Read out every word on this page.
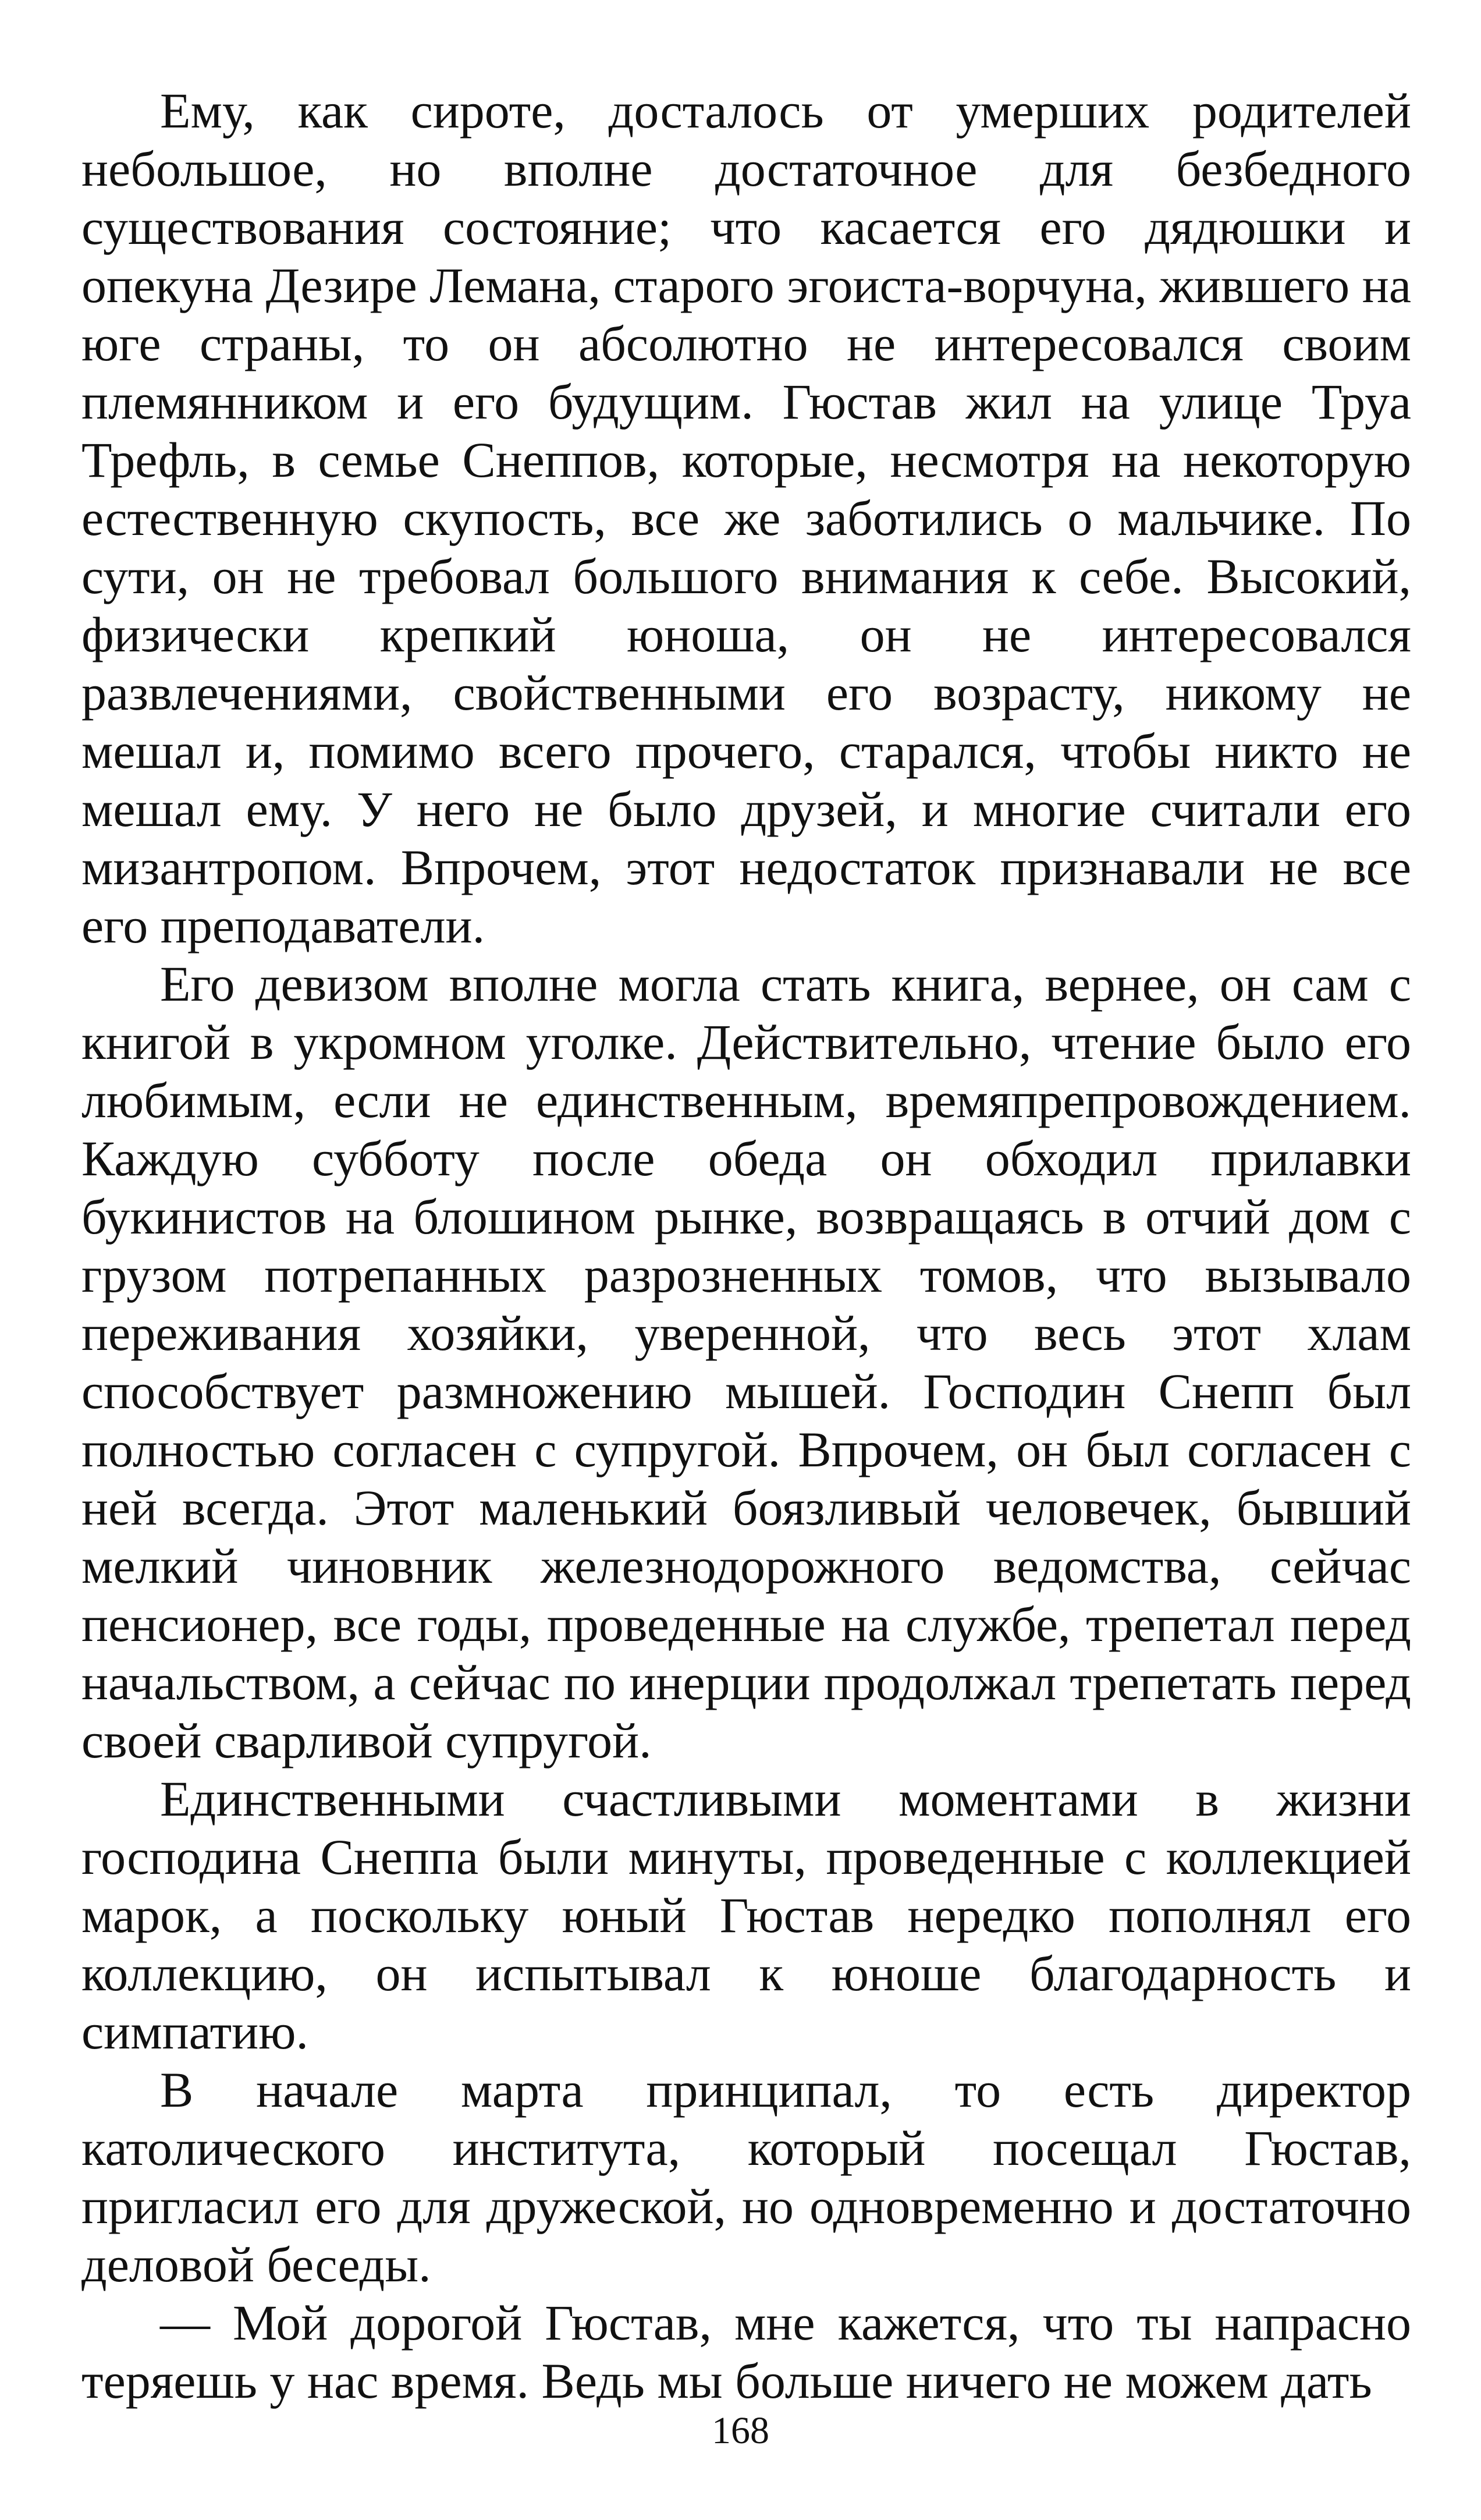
Ему, как сироте, досталось от умерших родителей небольшое, но вполне достаточное для безбедного существования состояние; что касается его дядюшки и опекуна Дезире Лемана, старого эгоиста-ворчуна, жившего на юге страны, то он абсолютно не интересовался своим племянником и его будущим. Гюстав жил на улице Труа Трефль, в семье Снеппов, которые, несмотря на некоторую естественную скупость, все же заботились о мальчике. По сути, он не требовал большого внимания к себе. Высокий, физически крепкий юноша, он не интересовался развлечениями, свойственными его возрасту, никому не мешал и, помимо всего прочего, старался, чтобы никто не мешал ему. У него не было друзей, и многие считали его мизантропом. Впрочем, этот недостаток признавали не все его преподаватели.

Его девизом вполне могла стать книга, вернее, он сам с книгой в укромном уголке. Действительно, чтение было его любимым, если не единственным, времяпрепровождением. Каждую субботу после обеда он обходил прилавки букинистов на блошином рынке, возвращаясь в отчий дом с грузом потрепанных разрозненных томов, что вызывало переживания хозяйки, уверенной, что весь этот хлам способствует размножению мышей. Господин Снепп был полностью согласен с супругой. Впрочем, он был согласен с ней всегда. Этот маленький боязливый человечек, бывший мелкий чиновник железнодорожного ведомства, сейчас пенсионер, все годы, проведенные на службе, трепетал перед начальством, а сейчас по инерции продолжал трепетать перед своей сварливой супругой.

Единственными счастливыми моментами в жизни господина Снеппа были минуты, проведенные с коллекцией марок, а поскольку юный Гюстав нередко пополнял его коллекцию, он испытывал к юноше благодарность и симпатию.

В начале марта принципал, то есть директор католического института, который посещал Гюстав, пригласил его для дружеской, но одновременно и достаточно деловой беседы.

— Мой дорогой Гюстав, мне кажется, что ты напрасно теряешь у нас время. Ведь мы больше ничего не можем дать

168
